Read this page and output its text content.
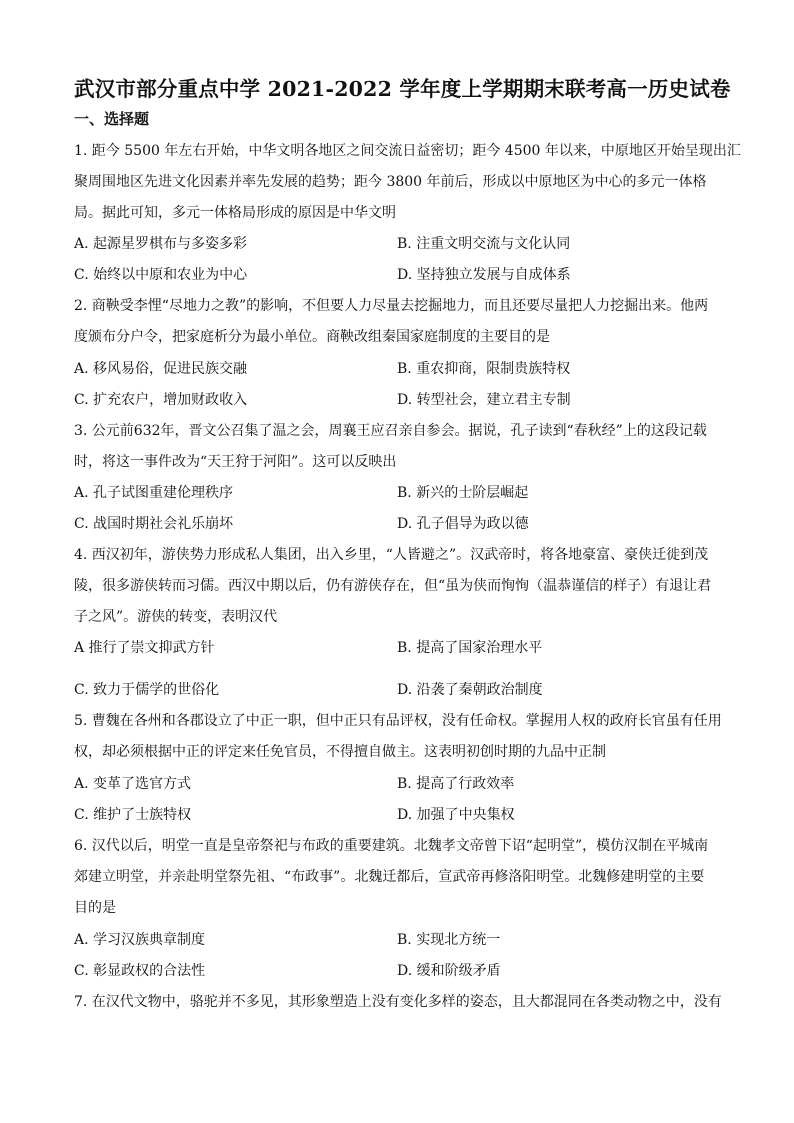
武汉市部分重点中学 2021-2022 学年度上学期期末联考高一历史试卷
一、选择题
1. 距今 5500 年左右开始，中华文明各地区之间交流日益密切；距今 4500 年以来，中原地区开始呈现出汇
聚周围地区先进文化因素并率先发展的趋势；距今 3800 年前后，形成以中原地区为中心的多元一体格
局。据此可知，多元一体格局形成的原因是中华文明
A. 起源星罗棋布与多姿多彩	B. 注重文明交流与文化认同
C. 始终以中原和农业为中心	D. 坚持独立发展与自成体系
2. 商鞅受李悝“尽地力之教”的影响，不但要人力尽量去挖掘地力，而且还要尽量把人力挖掘出来。他两
度颁布分户令，把家庭析分为最小单位。商鞅改组秦国家庭制度的主要目的是
A. 移风易俗，促进民族交融	B. 重农抑商，限制贵族特权
C. 扩充农户，增加财政收入	D. 转型社会，建立君主专制
3. 公元前632年，晋文公召集了温之会，周襄王应召亲自参会。据说，孔子读到“春秋经”上的这段记载
时，将这一事件改为“天王狩于河阳”。这可以反映出
A. 孔子试图重建伦理秩序	B. 新兴的士阶层崛起
C. 战国时期社会礼乐崩坏	D. 孔子倡导为政以德
4. 西汉初年，游侠势力形成私人集团，出入乡里，“人皆避之”。汉武帝时，将各地豪富、豪侠迁徙到茂
陵，很多游侠转而习儒。西汉中期以后，仍有游侠存在，但“虽为侠而恂恂（温恭谨信的样子）有退让君
子之风”。游侠的转变，表明汉代
A 推行了崇文抑武方针	B. 提高了国家治理水平
C. 致力于儒学的世俗化	D. 沿袭了秦朝政治制度
5. 曹魏在各州和各郡设立了中正一职，但中正只有品评权，没有任命权。掌握用人权的政府长官虽有任用
权，却必须根据中正的评定来任免官员，不得擅自做主。这表明初创时期的九品中正制
A. 变革了选官方式	B. 提高了行政效率
C. 维护了士族特权	D. 加强了中央集权
6. 汉代以后，明堂一直是皇帝祭祀与布政的重要建筑。北魏孝文帝曾下诏“起明堂”，模仿汉制在平城南
郊建立明堂，并亲赴明堂祭先祖、“布政事”。北魏迁都后，宣武帝再修洛阳明堂。北魏修建明堂的主要
目的是
A. 学习汉族典章制度	B. 实现北方统一
C. 彰显政权的合法性	D. 缓和阶级矛盾
7. 在汉代文物中，骆驼并不多见，其形象塑造上没有变化多样的姿态，且大都混同在各类动物之中，没有
